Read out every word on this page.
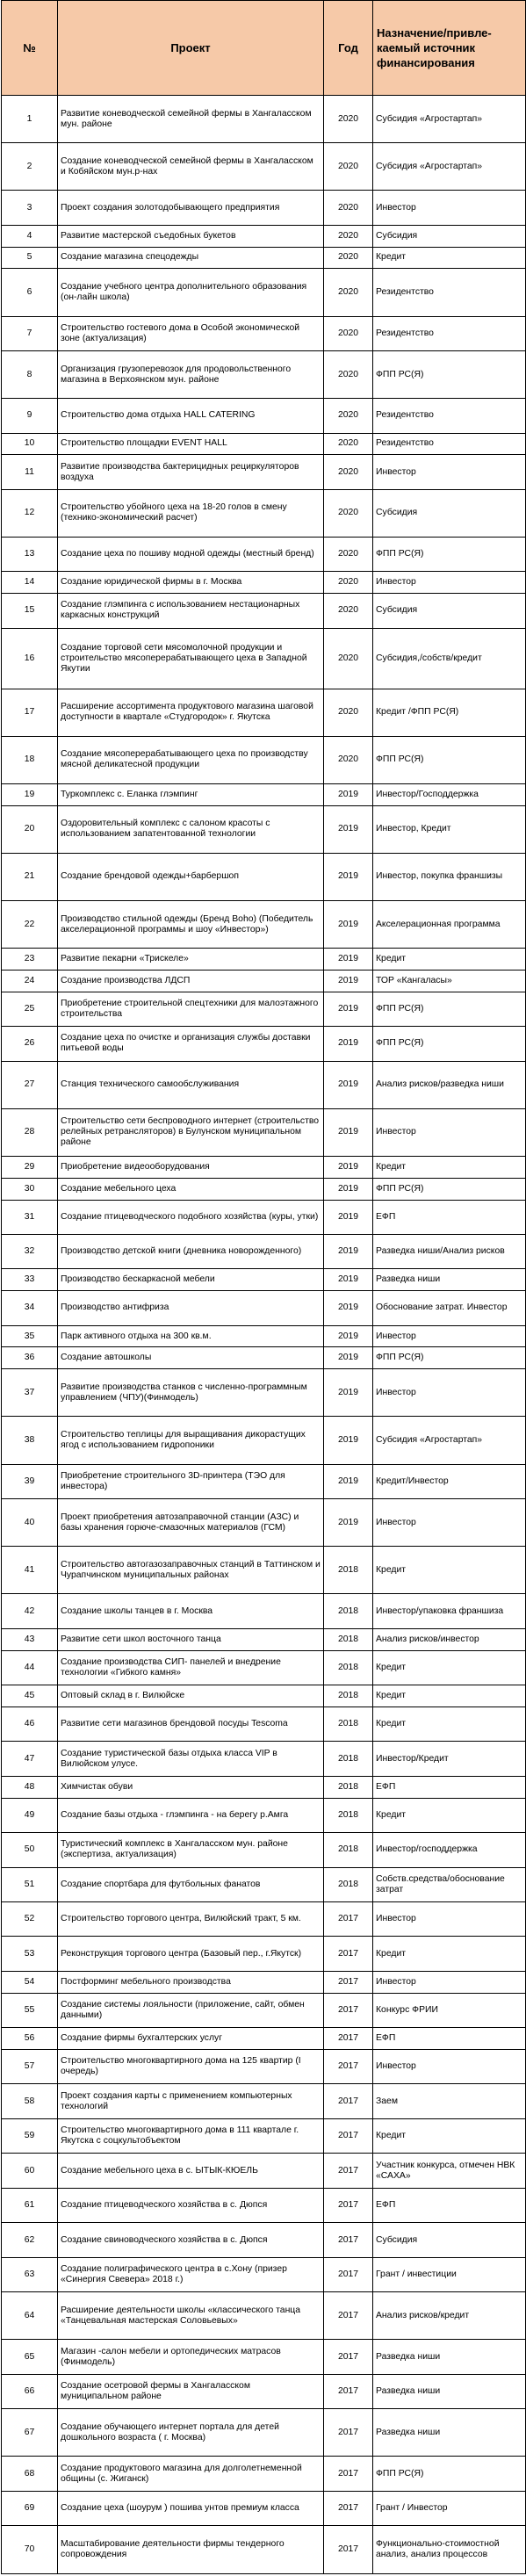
№	Проект	Год	Назначение/привле-каемый источник финансирования
1	Развитие коневодческой семейной фермы в Хангаласском мун. районе	2020	Субсидия «Агростартап»
2	Создание коневодческой семейной фермы в Хангаласском и Кобяйском мун.р-нах	2020	Субсидия «Агростартап»
3	Проект создания золотодобывающего предприятия	2020	Инвестор
4	Развитие мастерской съедобных букетов	2020	Субсидия
5	Создание магазина спецодежды	2020	Кредит
6	Создание учебного центра дополнительного образования (он-лайн школа)	2020	Резидентство
7	Строительство гостевого дома в Особой экономической зоне (актуализация)	2020	Резидентство
8	Организация грузоперевозок для продовольственного магазина в Верхоянском мун. районе	2020	ФПП РС(Я)
9	Строительство дома отдыха HALL CATERING	2020	Резидентство
10	Строительство площадки EVENT HALL	2020	Резидентство
11	Развитие производства бактерицидных рециркуляторов воздуха	2020	Инвестор
12	Строительство убойного цеха на 18-20 голов в смену (технико-экономический расчет)	2020	Субсидия
13	Создание цеха по пошиву модной одежды (местный бренд)	2020	ФПП РС(Я)
14	Создание юридической фирмы в г. Москва	2020	Инвестор
15	Создание глэмпинга с использованием нестационарных каркасных конструкций	2020	Субсидия
16	Создание торговой сети мясомолочной продукции и строительство мясоперерабатывающего цеха в Западной Якутии	2020	Субсидия,/собств/кредит
17	Расширение ассортимента продуктового магазина шаговой доступности в квартале «Студгородок» г. Якутска	2020	Кредит /ФПП РС(Я)
18	Создание мясоперерабатывающего цеха по производству мясной деликатесной продукции	2020	ФПП РС(Я)
19	Туркомплекс с. Еланка глэмпинг	2019	Инвестор/Господдержка
20	Оздоровительный комплекс с салоном красоты с использованием запатентованной технологии	2019	Инвестор, Кредит
21	Создание брендовой одежды+барбершоп	2019	Инвестор, покупка франшизы
22	Производство стильной одежды (Бренд Boho) (Победитель акселерационной программы и шоу «Инвестор»)	2019	Акселерационная программа
23	Развитие пекарни «Трискеле»	2019	Кредит
24	Создание производства ЛДСП	2019	ТОР «Кангаласы»
25	Приобретение строительной спецтехники для малоэтажного строительства	2019	ФПП РС(Я)
26	Создание цеха по очистке и организация службы доставки питьевой воды	2019	ФПП РС(Я)
27	Станция технического самообслуживания	2019	Анализ рисков/разведка ниши
28	Строительство сети беспроводного интернет (строительство релейных ретрансляторов) в Булунском муниципальном районе	2019	Инвестор
29	Приобретение видеооборудования	2019	Кредит
30	Создание мебельного цеха	2019	ФПП РС(Я)
31	Создание птицеводческого подобного хозяйства (куры, утки)	2019	ЕФП
32	Производство детской книги (дневника новорожденного)	2019	Разведка ниши/Анализ рисков
33	Производство бескаркасной мебели	2019	Разведка ниши
34	Производство антифриза	2019	Обоснование затрат. Инвестор
35	Парк активного отдыха на 300 кв.м.	2019	Инвестор
36	Создание автошколы	2019	ФПП РС(Я)
37	Развитие производства станков с численно-программным управлением (ЧПУ)(Финмодель)	2019	Инвестор
38	Строительство теплицы для выращивания дикорастущих ягод с использованием гидропоники	2019	Субсидия «Агростартап»
39	Приобретение строительного 3D-принтера (ТЭО для инвестора)	2019	Кредит/Инвестор
40	Проект приобретения автозаправочной станции (АЗС) и базы хранения горюче-смазочных материалов (ГСМ)	2019	Инвестор
41	Строительство автогазозаправочных станций в Таттинском и Чурапчинском муниципальных районах	2018	Кредит
42	Создание школы танцев в г. Москва	2018	Инвестор/упаковка франшиза
43	Развитие сети школ восточного танца	2018	Анализ рисков/инвестор
44	Создание производства СИП- панелей и внедрение технологии «Гибкого камня»	2018	Кредит
45	Оптовый склад в г. Вилюйске	2018	Кредит
46	Развитие сети магазинов брендовой посуды Tescoma	2018	Кредит
47	Создание туристической базы отдыха класса VIP в Вилюйском улусе.	2018	Инвестор/Кредит
48	Химчистак обуви	2018	ЕФП
49	Создание базы отдыха - глэмпинга - на берегу р.Амга	2018	Кредит
50	Туристический комплекс в Хангаласском мун. районе (экспертиза, актуализация)	2018	Инвестор/господдержка
51	Создание спортбара для футбольных фанатов	2018	Собств.средства/обоснование затрат
52	Строительство торгового центра, Вилюйский тракт, 5 км.	2017	Инвестор
53	Реконструкция торгового центра (Базовый пер., г.Якутск)	2017	Кредит
54	Постформинг мебельного производства	2017	Инвестор
55	Создание системы лояльности (приложение, сайт, обмен данными)	2017	Конкурс ФРИИ
56	Создание фирмы бухгалтерских услуг	2017	ЕФП
57	Строительство многоквартирного дома на 125 квартир (I очередь)	2017	Инвестор
58	Проект создания карты с применением компьютерных технологий	2017	Заем
59	Строительство многоквартирного дома в 111 квартале г. Якутска с соцкультобъектом	2017	Кредит
60	Создание мебельного цеха в с. ЫТЫК-КЮЕЛЬ	2017	Участник конкурса, отмечен НВК «САХА»
61	Создание птицеводческого хозяйства в с. Дюпся	2017	ЕФП
62	Создание свиноводческого хозяйства в с. Дюпся	2017	Субсидия
63	Создание полиграфического центра в с.Хону (призер «Синергия Свевера» 2018 г.)	2017	Грант / инвестиции
64	Расширение деятельности школы «классического танца «Танцевальная мастерская Соловьевых»	2017	Анализ рисков/кредит
65	Магазин -салон мебели и ортопедических матрасов (Финмодель)	2017	Разведка ниши
66	Создание осетровой фермы в Хангаласском муниципальном районе	2017	Разведка ниши
67	Создание обучающего интернет портала для детей дошкольного возраста ( г. Москва)	2017	Разведка ниши
68	Создание продуктового магазина для долголетнеменной общины (с. Жиганск)	2017	ФПП РС(Я)
69	Создание цеха (шоурум ) пошива унтов премиум класса	2017	Грант / Инвестор
70	Масштабирование деятельности фирмы тендерного сопровождения	2017	Функционально-стоимостной анализ, анализ процессов
